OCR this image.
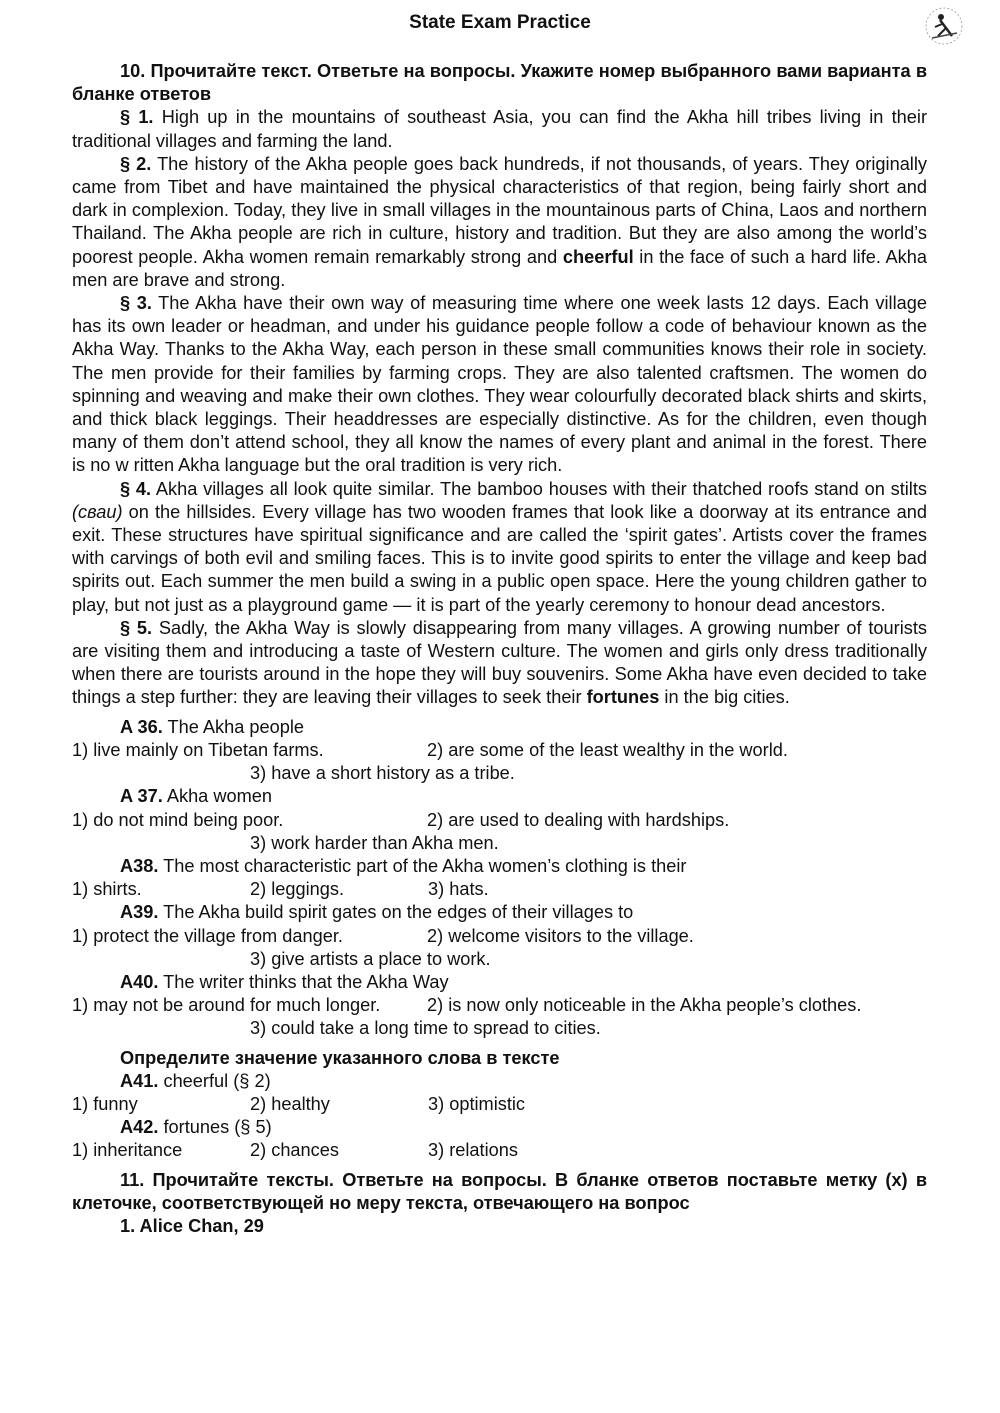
State Exam Practice

10. Прочитайте текст. Ответьте на вопросы. Укажите номер выбранного вами варианта в бланке ответов

§ 1. High up in the mountains of southeast Asia, you can find the Akha hill tribes living in their traditional villages and farming the land.

§ 2. The history of the Akha people goes back hundreds, if not thousands, of years. They originally came from Tibet and have maintained the physical characteristics of that region, being fairly short and dark in complexion. Today, they live in small villages in the mountainous parts of China, Laos and northern Thailand. The Akha people are rich in culture, history and tradition. But they are also among the world’s poorest people. Akha women remain remarkably strong and cheerful in the face of such a hard life. Akha men are brave and strong.

§ 3. The Akha have their own way of measuring time where one week lasts 12 days. Each village has its own leader or headman, and under his guidance people follow a code of behaviour known as the Akha Way. Thanks to the Akha Way, each person in these small communities knows their role in society. The men provide for their families by farming crops. They are also talented craftsmen. The women do spinning and weaving and make their own clothes. They wear colourfully decorated black shirts and skirts, and thick black leggings. Their headdresses are especially distinctive. As for the children, even though many of them don’t attend school, they all know the names of every plant and animal in the forest. There is no w ritten Akha language but the oral tradition is very rich.

§ 4. Akha villages all look quite similar. The bamboo houses with their thatched roofs stand on stilts (сваи) on the hillsides. Every village has two wooden frames that look like a doorway at its entrance and exit. These structures have spiritual significance and are called the ‘spirit gates’. Artists cover the frames with carvings of both evil and smiling faces. This is to invite good spirits to enter the village and keep bad spirits out. Each summer the men build a swing in a public open space. Here the young children gather to play, but not just as a playground game — it is part of the yearly ceremony to honour dead ancestors.

§ 5. Sadly, the Akha Way is slowly disappearing from many villages. A growing number of tourists are visiting them and introducing a taste of Western culture. The women and girls only dress traditionally when there are tourists around in the hope they will buy souvenirs. Some Akha have even decided to take things a step further: they are leaving their villages to seek their fortunes in the big cities.

A 36. The Akha people

1) live mainly on Tibetan farms.	2) are some of the least wealthy in the world.

3) have a short history as a tribe.

A 37. Akha women

1) do not mind being poor.	2) are used to dealing with hardships.

3) work harder than Akha men.

A38. The most characteristic part of the Akha women’s clothing is their

1) shirts.	2) leggings.	3) hats.

A39. The Akha build spirit gates on the edges of their villages to

1) protect the village from danger.	2) welcome visitors to the village.

3) give artists a place to work.

A40. The writer thinks that the Akha Way

1) may not be around for much longer.	2) is now only noticeable in the Akha people’s clothes.

3) could take a long time to spread to cities.

Определите значение указанного слова в тексте

A41. cheerful (§ 2)

1) funny	2) healthy	3) optimistic

A42. fortunes (§ 5)

1) inheritance	2) chances	3) relations

11. Прочитайте тексты. Ответьте на вопросы. В бланке ответов поставьте метку (x) в клеточке, соответствующей но меру текста, отвечающего на вопрос

1. Alice Chan, 29
